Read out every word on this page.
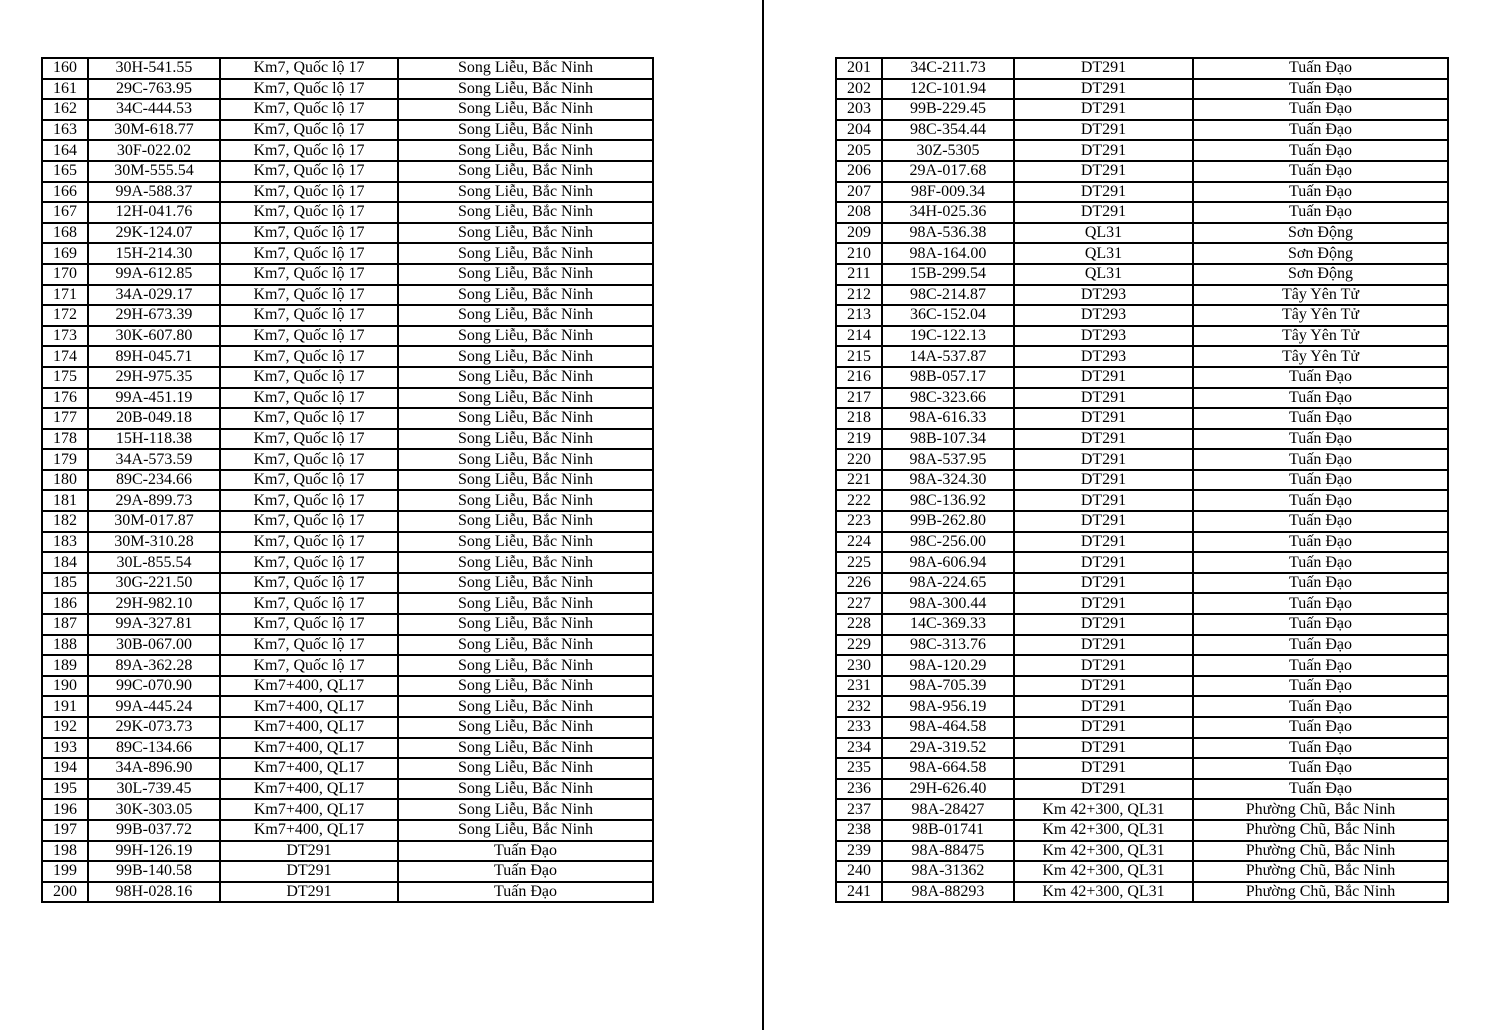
160	30H-541.55	Km7, Quốc lộ 17	Song Liễu, Bắc Ninh
161	29C-763.95	Km7, Quốc lộ 17	Song Liễu, Bắc Ninh
162	34C-444.53	Km7, Quốc lộ 17	Song Liễu, Bắc Ninh
163	30M-618.77	Km7, Quốc lộ 17	Song Liễu, Bắc Ninh
164	30F-022.02	Km7, Quốc lộ 17	Song Liễu, Bắc Ninh
165	30M-555.54	Km7, Quốc lộ 17	Song Liễu, Bắc Ninh
166	99A-588.37	Km7, Quốc lộ 17	Song Liễu, Bắc Ninh
167	12H-041.76	Km7, Quốc lộ 17	Song Liễu, Bắc Ninh
168	29K-124.07	Km7, Quốc lộ 17	Song Liễu, Bắc Ninh
169	15H-214.30	Km7, Quốc lộ 17	Song Liễu, Bắc Ninh
170	99A-612.85	Km7, Quốc lộ 17	Song Liễu, Bắc Ninh
171	34A-029.17	Km7, Quốc lộ 17	Song Liễu, Bắc Ninh
172	29H-673.39	Km7, Quốc lộ 17	Song Liễu, Bắc Ninh
173	30K-607.80	Km7, Quốc lộ 17	Song Liễu, Bắc Ninh
174	89H-045.71	Km7, Quốc lộ 17	Song Liễu, Bắc Ninh
175	29H-975.35	Km7, Quốc lộ 17	Song Liễu, Bắc Ninh
176	99A-451.19	Km7, Quốc lộ 17	Song Liễu, Bắc Ninh
177	20B-049.18	Km7, Quốc lộ 17	Song Liễu, Bắc Ninh
178	15H-118.38	Km7, Quốc lộ 17	Song Liễu, Bắc Ninh
179	34A-573.59	Km7, Quốc lộ 17	Song Liễu, Bắc Ninh
180	89C-234.66	Km7, Quốc lộ 17	Song Liễu, Bắc Ninh
181	29A-899.73	Km7, Quốc lộ 17	Song Liễu, Bắc Ninh
182	30M-017.87	Km7, Quốc lộ 17	Song Liễu, Bắc Ninh
183	30M-310.28	Km7, Quốc lộ 17	Song Liễu, Bắc Ninh
184	30L-855.54	Km7, Quốc lộ 17	Song Liễu, Bắc Ninh
185	30G-221.50	Km7, Quốc lộ 17	Song Liễu, Bắc Ninh
186	29H-982.10	Km7, Quốc lộ 17	Song Liễu, Bắc Ninh
187	99A-327.81	Km7, Quốc lộ 17	Song Liễu, Bắc Ninh
188	30B-067.00	Km7, Quốc lộ 17	Song Liễu, Bắc Ninh
189	89A-362.28	Km7, Quốc lộ 17	Song Liễu, Bắc Ninh
190	99C-070.90	Km7+400, QL17	Song Liễu, Bắc Ninh
191	99A-445.24	Km7+400, QL17	Song Liễu, Bắc Ninh
192	29K-073.73	Km7+400, QL17	Song Liễu, Bắc Ninh
193	89C-134.66	Km7+400, QL17	Song Liễu, Bắc Ninh
194	34A-896.90	Km7+400, QL17	Song Liễu, Bắc Ninh
195	30L-739.45	Km7+400, QL17	Song Liễu, Bắc Ninh
196	30K-303.05	Km7+400, QL17	Song Liễu, Bắc Ninh
197	99B-037.72	Km7+400, QL17	Song Liễu, Bắc Ninh
198	99H-126.19	DT291	Tuấn Đạo
199	99B-140.58	DT291	Tuấn Đạo
200	98H-028.16	DT291	Tuấn Đạo
201	34C-211.73	DT291	Tuấn Đạo
202	12C-101.94	DT291	Tuấn Đạo
203	99B-229.45	DT291	Tuấn Đạo
204	98C-354.44	DT291	Tuấn Đạo
205	30Z-5305	DT291	Tuấn Đạo
206	29A-017.68	DT291	Tuấn Đạo
207	98F-009.34	DT291	Tuấn Đạo
208	34H-025.36	DT291	Tuấn Đạo
209	98A-536.38	QL31	Sơn Động
210	98A-164.00	QL31	Sơn Động
211	15B-299.54	QL31	Sơn Động
212	98C-214.87	DT293	Tây Yên Tử
213	36C-152.04	DT293	Tây Yên Tử
214	19C-122.13	DT293	Tây Yên Tử
215	14A-537.87	DT293	Tây Yên Tử
216	98B-057.17	DT291	Tuấn Đạo
217	98C-323.66	DT291	Tuấn Đạo
218	98A-616.33	DT291	Tuấn Đạo
219	98B-107.34	DT291	Tuấn Đạo
220	98A-537.95	DT291	Tuấn Đạo
221	98A-324.30	DT291	Tuấn Đạo
222	98C-136.92	DT291	Tuấn Đạo
223	99B-262.80	DT291	Tuấn Đạo
224	98C-256.00	DT291	Tuấn Đạo
225	98A-606.94	DT291	Tuấn Đạo
226	98A-224.65	DT291	Tuấn Đạo
227	98A-300.44	DT291	Tuấn Đạo
228	14C-369.33	DT291	Tuấn Đạo
229	98C-313.76	DT291	Tuấn Đạo
230	98A-120.29	DT291	Tuấn Đạo
231	98A-705.39	DT291	Tuấn Đạo
232	98A-956.19	DT291	Tuấn Đạo
233	98A-464.58	DT291	Tuấn Đạo
234	29A-319.52	DT291	Tuấn Đạo
235	98A-664.58	DT291	Tuấn Đạo
236	29H-626.40	DT291	Tuấn Đạo
237	98A-28427	Km 42+300, QL31	Phường Chũ, Bắc Ninh
238	98B-01741	Km 42+300, QL31	Phường Chũ, Bắc Ninh
239	98A-88475	Km 42+300, QL31	Phường Chũ, Bắc Ninh
240	98A-31362	Km 42+300, QL31	Phường Chũ, Bắc Ninh
241	98A-88293	Km 42+300, QL31	Phường Chũ, Bắc Ninh
